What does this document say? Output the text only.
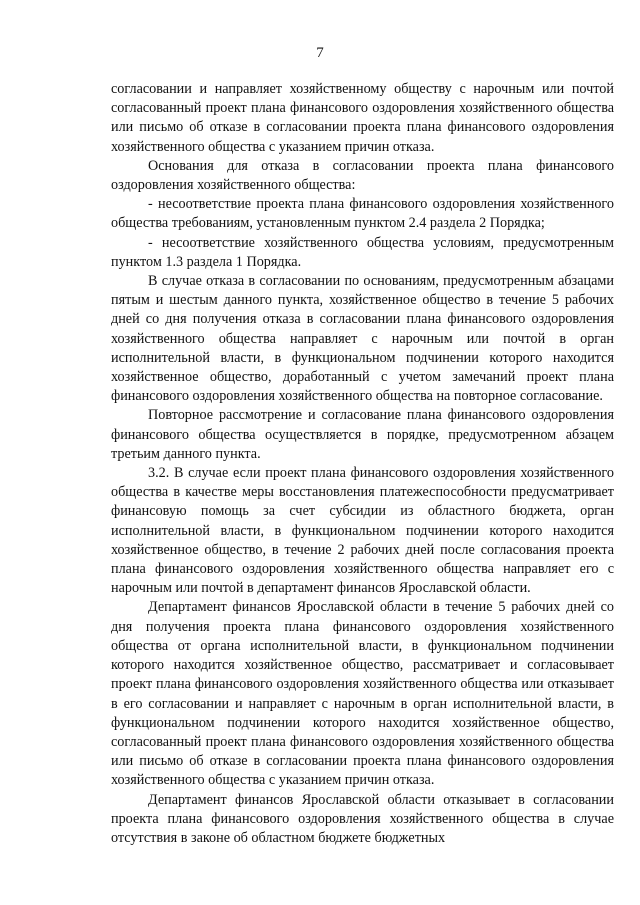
7

согласовании и направляет хозяйственному обществу с нарочным или почтой согласованный проект плана финансового оздоровления хозяйственного общества или письмо об отказе в согласовании проекта плана финансового оздоровления хозяйственного общества с указанием причин отказа.

Основания для отказа в согласовании проекта плана финансового оздоровления хозяйственного общества:

- несоответствие проекта плана финансового оздоровления хозяйственного общества требованиям, установленным пунктом 2.4 раздела 2 Порядка;

- несоответствие хозяйственного общества условиям, предусмотренным пунктом 1.3 раздела 1 Порядка.

В случае отказа в согласовании по основаниям, предусмотренным абзацами пятым и шестым данного пункта, хозяйственное общество в течение 5 рабочих дней со дня получения отказа в согласовании плана финансового оздоровления хозяйственного общества направляет с нарочным или почтой в орган исполнительной власти, в функциональном подчинении которого находится хозяйственное общество, доработанный с учетом замечаний проект плана финансового оздоровления хозяйственного общества на повторное согласование.

Повторное рассмотрение и согласование плана финансового оздоровления финансового общества осуществляется в порядке, предусмотренном абзацем третьим данного пункта.

3.2. В случае если проект плана финансового оздоровления хозяйственного общества в качестве меры восстановления платежеспособности предусматривает финансовую помощь за счет субсидии из областного бюджета, орган исполнительной власти, в функциональном подчинении которого находится хозяйственное общество, в течение 2 рабочих дней после согласования проекта плана финансового оздоровления хозяйственного общества направляет его с нарочным или почтой в департамент финансов Ярославской области.

Департамент финансов Ярославской области в течение 5 рабочих дней со дня получения проекта плана финансового оздоровления хозяйственного общества от органа исполнительной власти, в функциональном подчинении которого находится хозяйственное общество, рассматривает и согласовывает проект плана финансового оздоровления хозяйственного общества или отказывает в его согласовании и направляет с нарочным в орган исполнительной власти, в функциональном подчинении которого находится хозяйственное общество, согласованный проект плана финансового оздоровления хозяйственного общества или письмо об отказе в согласовании проекта плана финансового оздоровления хозяйственного общества с указанием причин отказа.

Департамент финансов Ярославской области отказывает в согласовании проекта плана финансового оздоровления хозяйственного общества в случае отсутствия в законе об областном бюджете бюджетных
